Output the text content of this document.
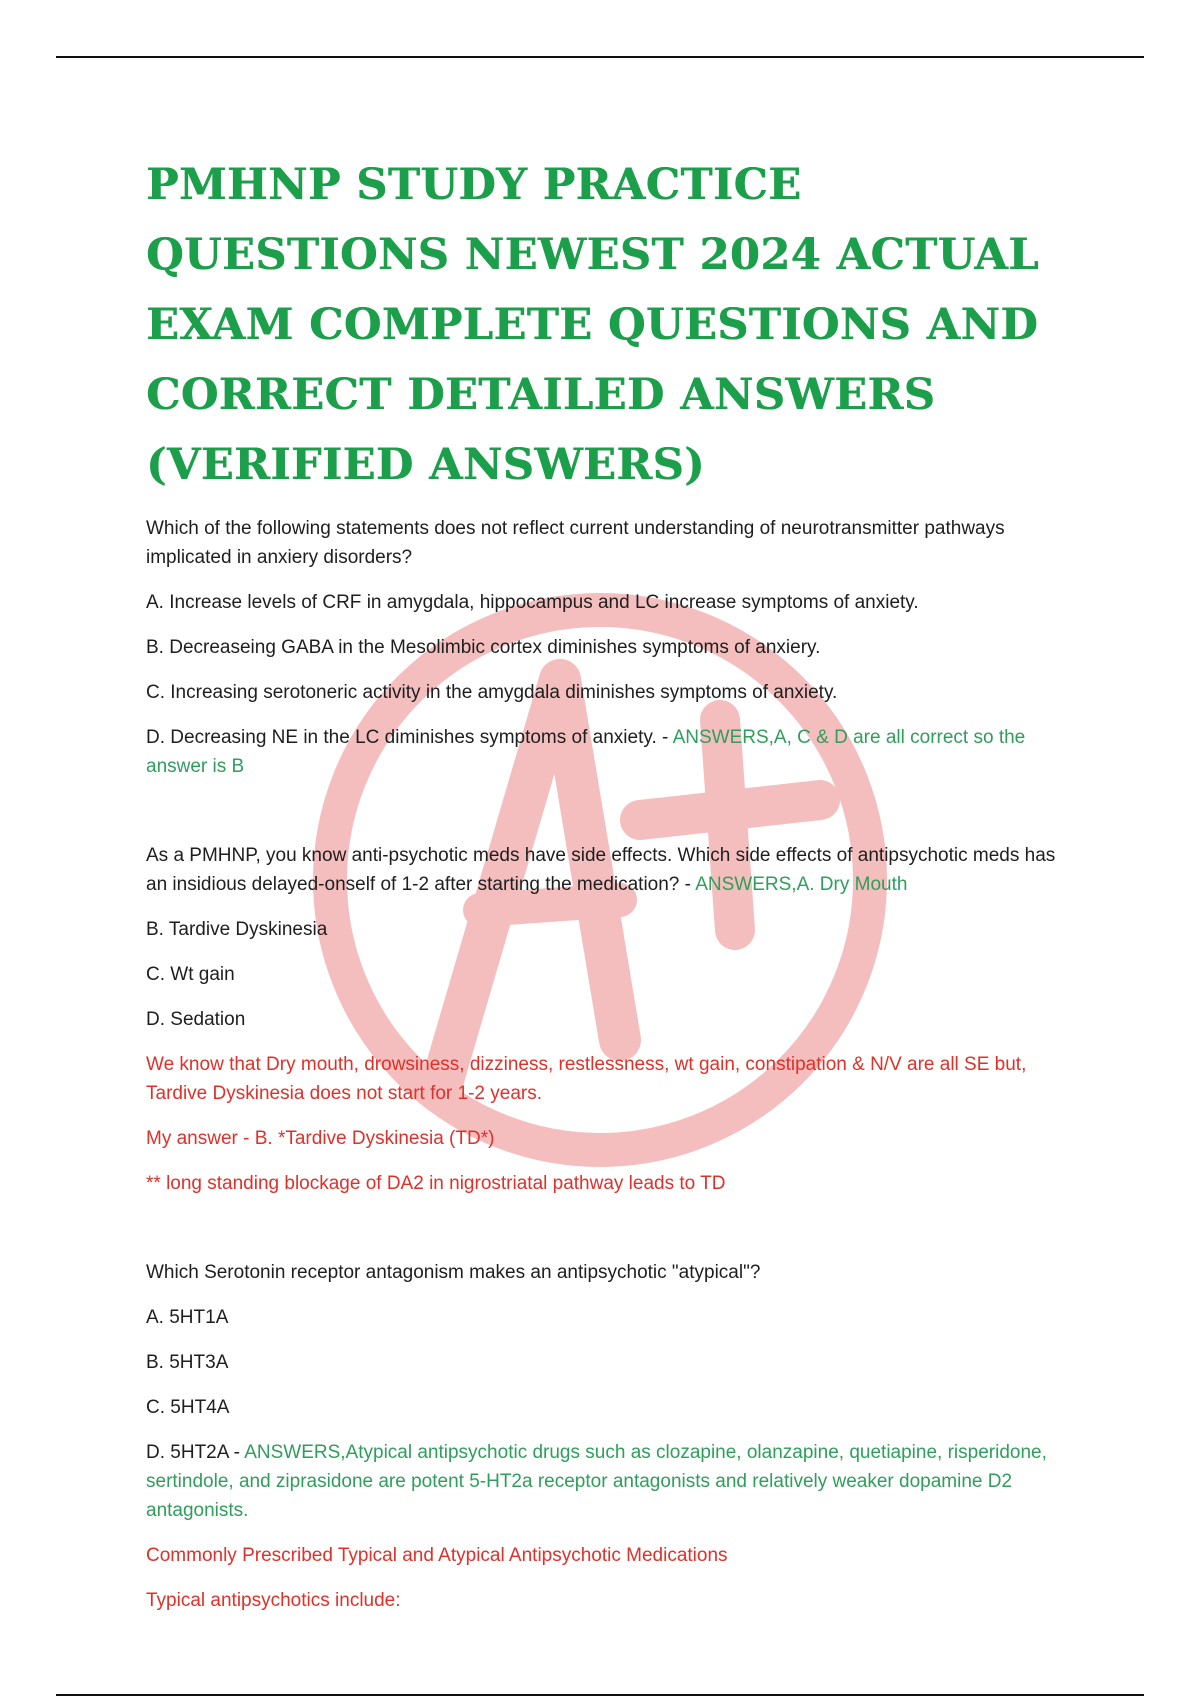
PMHNP STUDY PRACTICE QUESTIONS NEWEST 2024 ACTUAL EXAM COMPLETE QUESTIONS AND CORRECT DETAILED ANSWERS (VERIFIED ANSWERS)

Which of the following statements does not reflect current understanding of neurotransmitter pathways implicated in anxiery disorders?

A. Increase levels of CRF in amygdala, hippocampus and LC increase symptoms of anxiety.

B. Decreaseing GABA in the Mesolimbic cortex diminishes symptoms of anxiery.

C. Increasing serotoneric activity in the amygdala diminishes symptoms of anxiety.

D. Decreasing NE in the LC diminishes symptoms of anxiety. - ANSWERS,A, C & D are all correct so the answer is B

As a PMHNP, you know anti-psychotic meds have side effects. Which side effects of antipsychotic meds has an insidious delayed-onself of 1-2 after starting the medication? - ANSWERS,A. Dry Mouth

B. Tardive Dyskinesia

C. Wt gain

D. Sedation

We know that Dry mouth, drowsiness, dizziness, restlessness, wt gain, constipation & N/V are all SE but, Tardive Dyskinesia does not start for 1-2 years.

My answer - B. *Tardive Dyskinesia (TD*)

** long standing blockage of DA2 in nigrostriatal pathway leads to TD

Which Serotonin receptor antagonism makes an antipsychotic "atypical"?

A. 5HT1A

B. 5HT3A

C. 5HT4A

D. 5HT2A - ANSWERS,Atypical antipsychotic drugs such as clozapine, olanzapine, quetiapine, risperidone, sertindole, and ziprasidone are potent 5-HT2a receptor antagonists and relatively weaker dopamine D2 antagonists.

Commonly Prescribed Typical and Atypical Antipsychotic Medications

Typical antipsychotics include:
